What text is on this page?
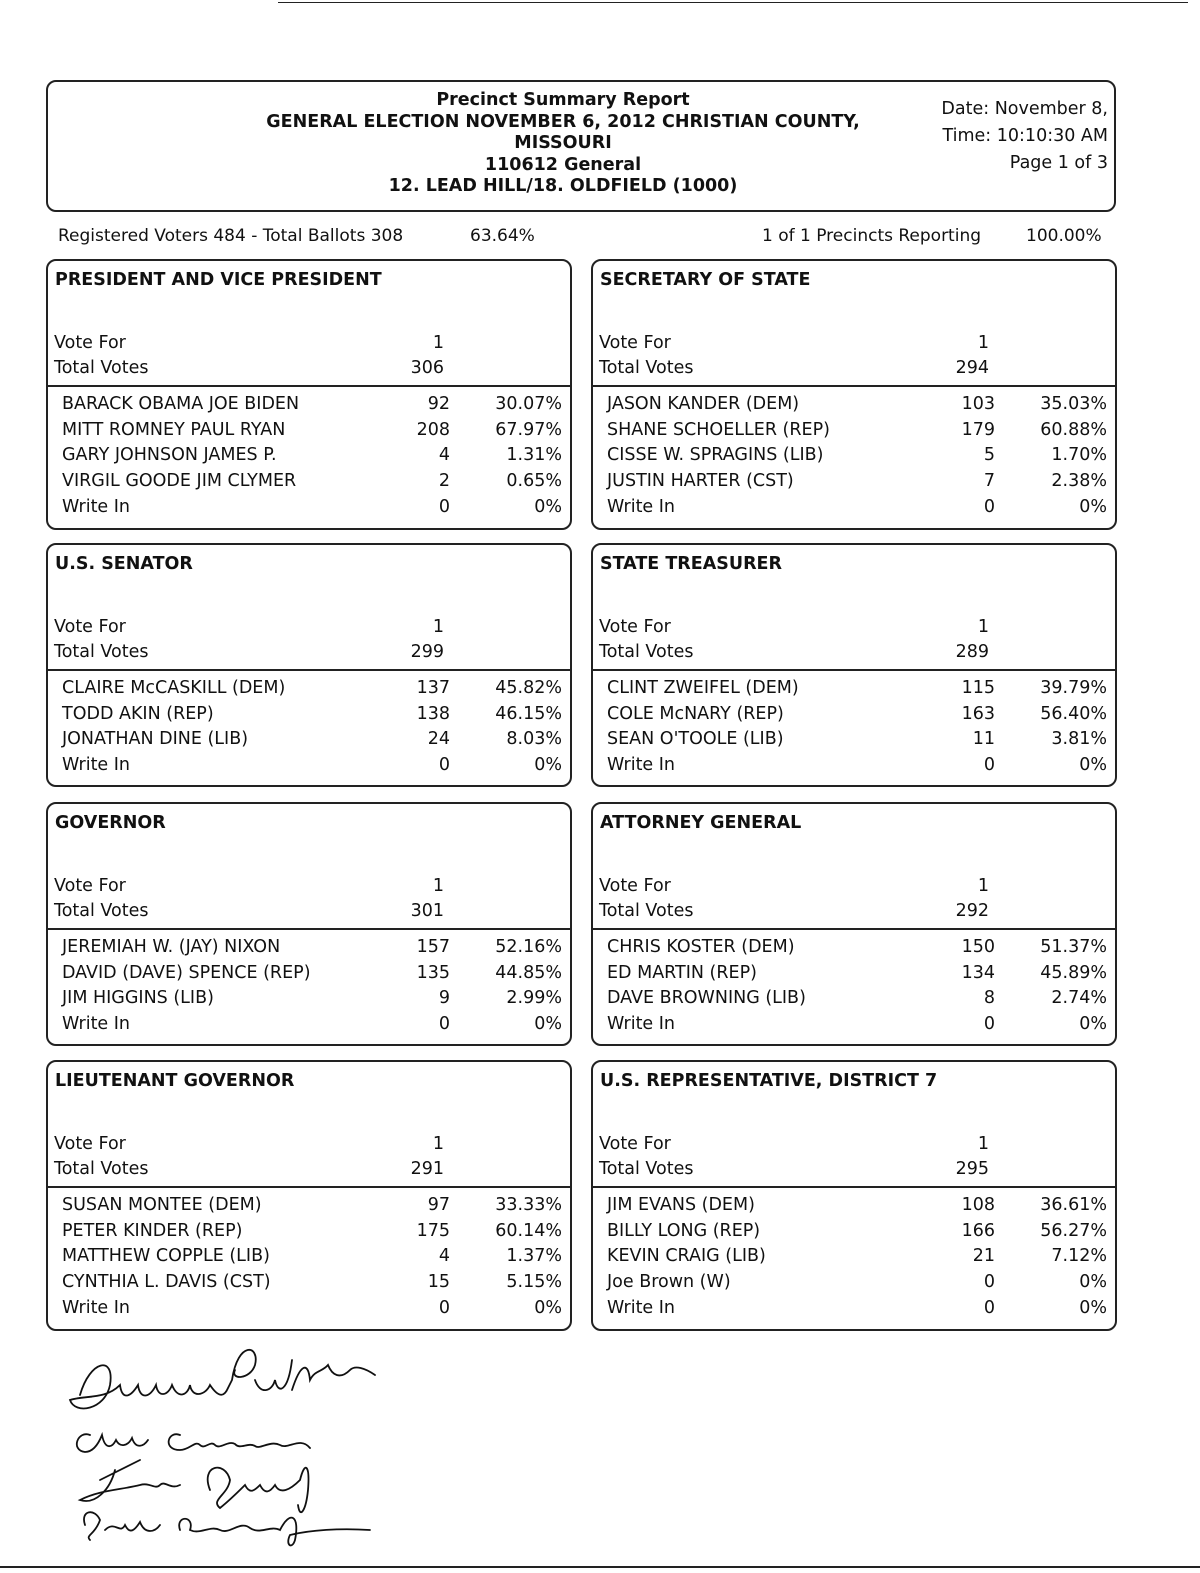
Precinct Summary Report
GENERAL ELECTION NOVEMBER 6, 2012 CHRISTIAN COUNTY,
MISSOURI
110612 General
12. LEAD HILL/18. OLDFIELD (1000)
Date: November 8,
Time: 10:10:30 AM
Page 1 of 3
Registered Voters 484 - Total Ballots 308	63.64%	1 of 1 Precincts Reporting	100.00%
PRESIDENT AND VICE PRESIDENT
Vote For	1
Total Votes	306
BARACK OBAMA JOE BIDEN	92	30.07%
MITT ROMNEY PAUL RYAN	208	67.97%
GARY JOHNSON JAMES P.	4	1.31%
VIRGIL GOODE JIM CLYMER	2	0.65%
Write In	0	0%
SECRETARY OF STATE
Vote For	1
Total Votes	294
JASON KANDER (DEM)	103	35.03%
SHANE SCHOELLER (REP)	179	60.88%
CISSE W. SPRAGINS (LIB)	5	1.70%
JUSTIN HARTER (CST)	7	2.38%
Write In	0	0%
U.S. SENATOR
Vote For	1
Total Votes	299
CLAIRE McCASKILL (DEM)	137	45.82%
TODD AKIN (REP)	138	46.15%
JONATHAN DINE (LIB)	24	8.03%
Write In	0	0%
STATE TREASURER
Vote For	1
Total Votes	289
CLINT ZWEIFEL (DEM)	115	39.79%
COLE McNARY (REP)	163	56.40%
SEAN O'TOOLE (LIB)	11	3.81%
Write In	0	0%
GOVERNOR
Vote For	1
Total Votes	301
JEREMIAH W. (JAY) NIXON	157	52.16%
DAVID (DAVE) SPENCE (REP)	135	44.85%
JIM HIGGINS (LIB)	9	2.99%
Write In	0	0%
ATTORNEY GENERAL
Vote For	1
Total Votes	292
CHRIS KOSTER (DEM)	150	51.37%
ED MARTIN (REP)	134	45.89%
DAVE BROWNING (LIB)	8	2.74%
Write In	0	0%
LIEUTENANT GOVERNOR
Vote For	1
Total Votes	291
SUSAN MONTEE (DEM)	97	33.33%
PETER KINDER (REP)	175	60.14%
MATTHEW COPPLE (LIB)	4	1.37%
CYNTHIA L. DAVIS (CST)	15	5.15%
Write In	0	0%
U.S. REPRESENTATIVE, DISTRICT 7
Vote For	1
Total Votes	295
JIM EVANS (DEM)	108	36.61%
BILLY LONG (REP)	166	56.27%
KEVIN CRAIG (LIB)	21	7.12%
Joe Brown (W)	0	0%
Write In	0	0%
